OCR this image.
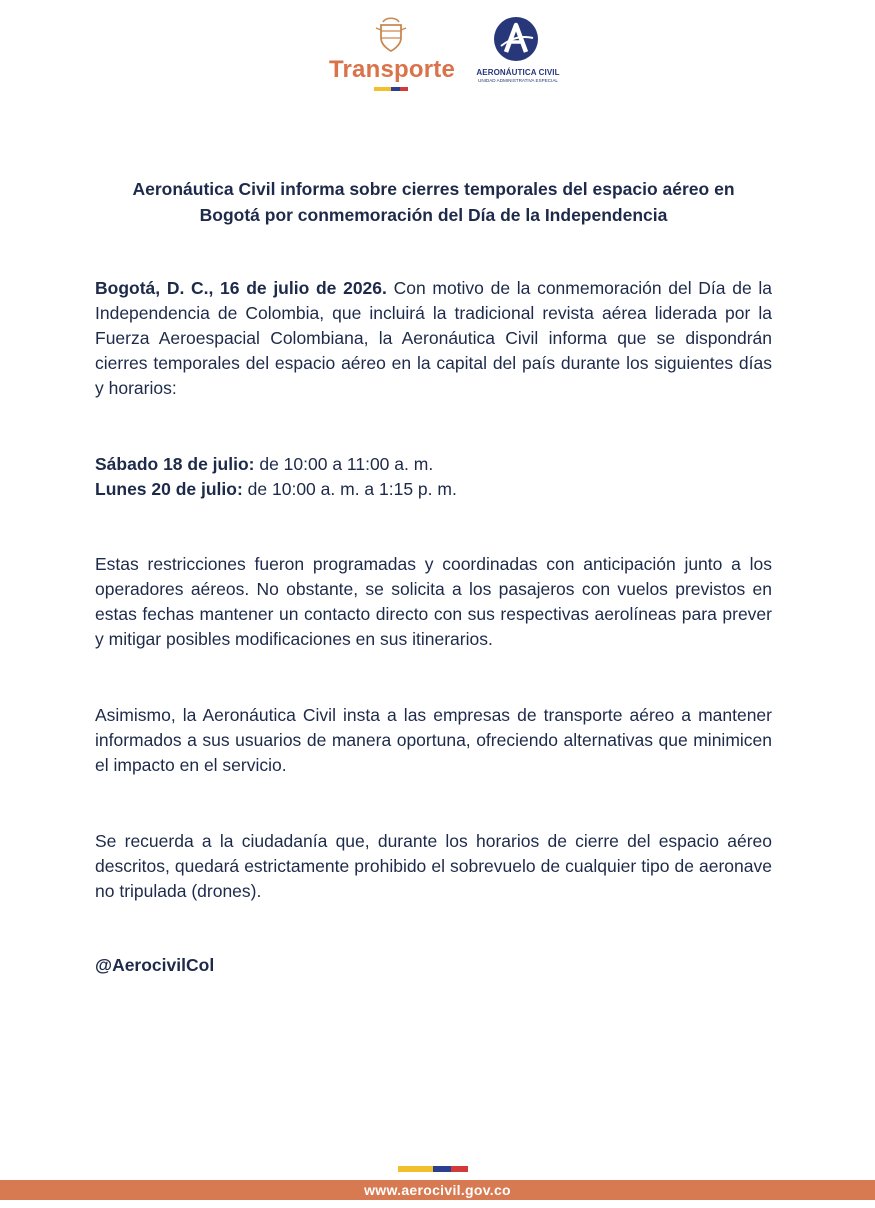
Transporte	AERONÁUTICA CIVIL
UNIDAD ADMINISTRATIVA ESPECIAL
Aeronáutica Civil informa sobre cierres temporales del espacio aéreo en
Bogotá por conmemoración del Día de la Independencia

Bogotá, D. C., 16 de julio de 2026. Con motivo de la conmemoración del Día de la Independencia de Colombia, que incluirá la tradicional revista aérea liderada por la Fuerza Aeroespacial Colombiana, la Aeronáutica Civil informa que se dispondrán cierres temporales del espacio aéreo en la capital del país durante los siguientes días y horarios:

Sábado 18 de julio: de 10:00 a 11:00 a. m.
Lunes 20 de julio: de 10:00 a. m. a 1:15 p. m.

Estas restricciones fueron programadas y coordinadas con anticipación junto a los operadores aéreos. No obstante, se solicita a los pasajeros con vuelos previstos en estas fechas mantener un contacto directo con sus respectivas aerolíneas para prever y mitigar posibles modificaciones en sus itinerarios.

Asimismo, la Aeronáutica Civil insta a las empresas de transporte aéreo a mantener informados a sus usuarios de manera oportuna, ofreciendo alternativas que minimicen el impacto en el servicio.

Se recuerda a la ciudadanía que, durante los horarios de cierre del espacio aéreo descritos, quedará estrictamente prohibido el sobrevuelo de cualquier tipo de aeronave no tripulada (drones).

@AerocivilCol
www.aerocivil.gov.co
